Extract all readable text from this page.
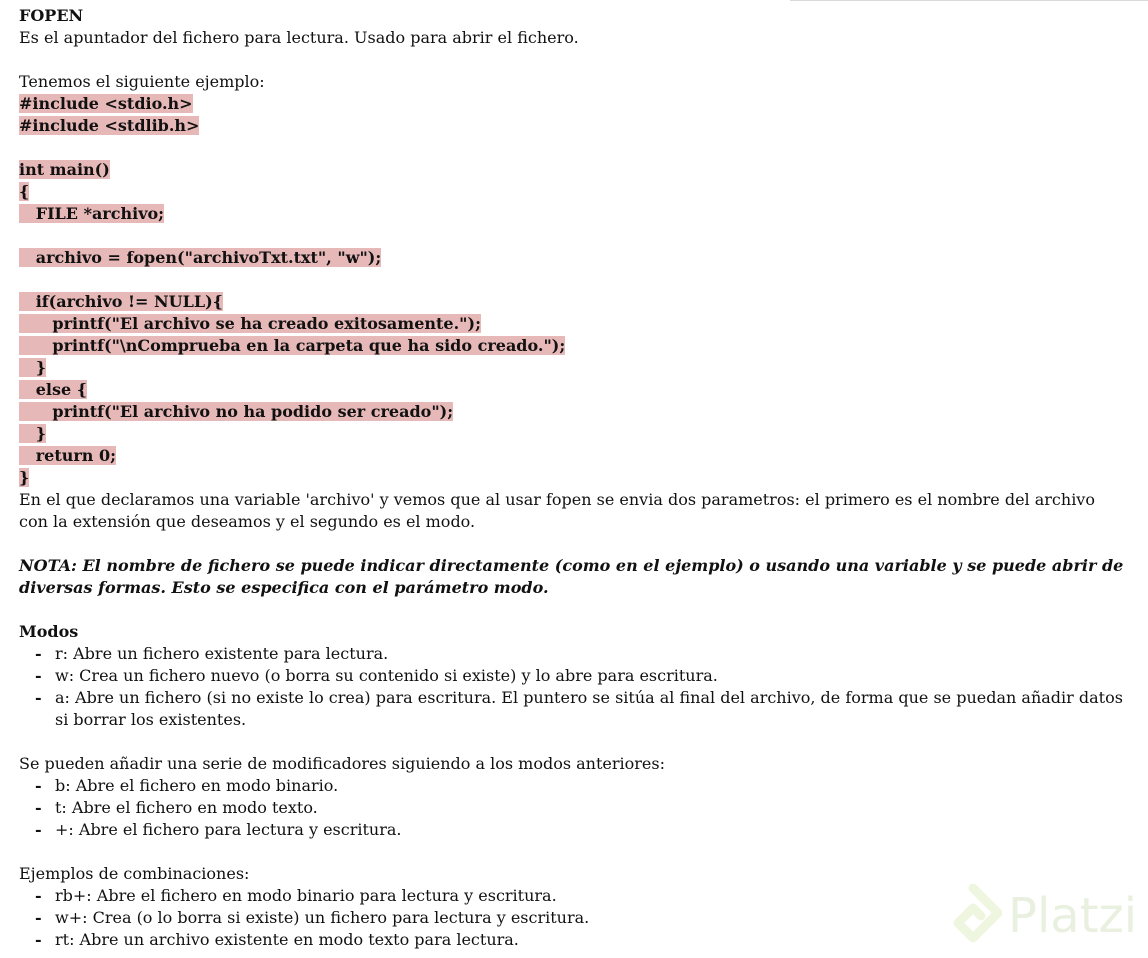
FOPEN
Es el apuntador del fichero para lectura. Usado para abrir el fichero.
Tenemos el siguiente ejemplo:
#include <stdio.h>
#include <stdlib.h>
int main()
{
FILE *archivo;
archivo = fopen("archivoTxt.txt", "w");
if(archivo != NULL){
printf("El archivo se ha creado exitosamente.");
printf("\nComprueba en la carpeta que ha sido creado.");
}
else {
printf("El archivo no ha podido ser creado");
}
return 0;
}
En el que declaramos una variable 'archivo' y vemos que al usar fopen se envia dos parametros: el primero es el nombre del archivo con la extensión que deseamos y el segundo es el modo.
NOTA: El nombre de fichero se puede indicar directamente (como en el ejemplo) o usando una variable y se puede abrir de diversas formas. Esto se especifica con el parámetro modo.
Modos
- r: Abre un fichero existente para lectura.
- w: Crea un fichero nuevo (o borra su contenido si existe) y lo abre para escritura.
- a: Abre un fichero (si no existe lo crea) para escritura. El puntero se sitúa al final del archivo, de forma que se puedan añadir datos si borrar los existentes.
Se pueden añadir una serie de modificadores siguiendo a los modos anteriores:
- b: Abre el fichero en modo binario.
- t: Abre el fichero en modo texto.
- +: Abre el fichero para lectura y escritura.
Ejemplos de combinaciones:
- rb+: Abre el fichero en modo binario para lectura y escritura.
- w+: Crea (o lo borra si existe) un fichero para lectura y escritura.
- rt: Abre un archivo existente en modo texto para lectura.	Platzi
